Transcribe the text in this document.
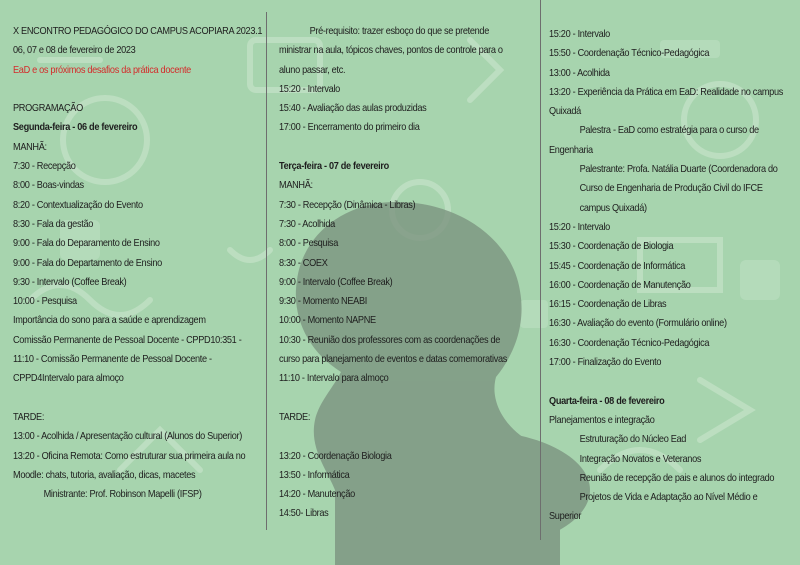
X ENCONTRO PEDAGÓGICO DO CAMPUS ACOPIARA 2023.1
06, 07 e 08 de fevereiro de 2023
EaD e os próximos desafios da prática docente
PROGRAMAÇÃO
Segunda-feira - 06 de fevereiro
MANHÃ:
7:30 - Recepção
8:00 - Boas-vindas
8:20 - Contextualização do Evento
8:30 - Fala da gestão
9:00 - Fala do Deparamento de Ensino
9:00 - Fala do Departamento de Ensino
9:30 - Intervalo (Coffee Break)
10:00 - Pesquisa
Importância do sono para a saúde e aprendizagem
Comissão Permanente de Pessoal Docente - CPPD10:351 -
11:10 - Comissão Permanente de Pessoal Docente -
CPPD4Intervalo para almoço
TARDE:
13:00 - Acolhida / Apresentação cultural (Alunos do Superior)
13:20 - Oficina Remota: Como estruturar sua primeira aula no
Moodle: chats, tutoria, avaliação, dicas, macetes
Ministrante: Prof. Robinson Mapelli (IFSP)
Pré-requisito: trazer esboço do que se pretende
ministrar na aula, tópicos chaves, pontos de controle para o
aluno passar, etc.
15:20 - Intervalo
15:40 - Avaliação das aulas produzidas
17:00 - Encerramento do primeiro dia
Terça-feira - 07 de fevereiro
MANHÃ:
7:30 - Recepção (Dinâmica - Libras)
7:30 - Acolhida
8:00 - Pesquisa
8:30 - COEX
9:00 - Intervalo (Coffee Break)
9:30 - Momento NEABI
10:00 - Momento NAPNE
10:30 - Reunião dos professores com as coordenações de
curso para planejamento de eventos e datas comemorativas
11:10 - Intervalo para almoço
TARDE:
13:20 - Coordenação Biologia
13:50 - Informática
14:20 - Manutenção
14:50- Libras
15:20 - Intervalo
15:50 - Coordenação Técnico-Pedagógica
13:00 - Acolhida
13:20 - Experiência da Prática em EaD: Realidade no campus
Quixadá
Palestra - EaD como estratégia para o curso de
Engenharia
Palestrante: Profa. Natália Duarte (Coordenadora do
Curso de Engenharia de Produção Civil do IFCE
campus Quixadá)
15:20 - Intervalo
15:30 - Coordenação de Biologia
15:45 - Coordenação de Informática
16:00 - Coordenação de Manutenção
16:15 - Coordenação de Libras
16:30 - Avaliação do evento (Formulário online)
16:30 - Coordenação Técnico-Pedagógica
17:00 - Finalização do Evento
Quarta-feira - 08 de fevereiro
Planejamentos e integração
Estruturação do Núcleo Ead
Integração Novatos e Veteranos
Reunião de recepção de pais e alunos do integrado
Projetos de Vida e Adaptação ao Nível Médio e
Superior
